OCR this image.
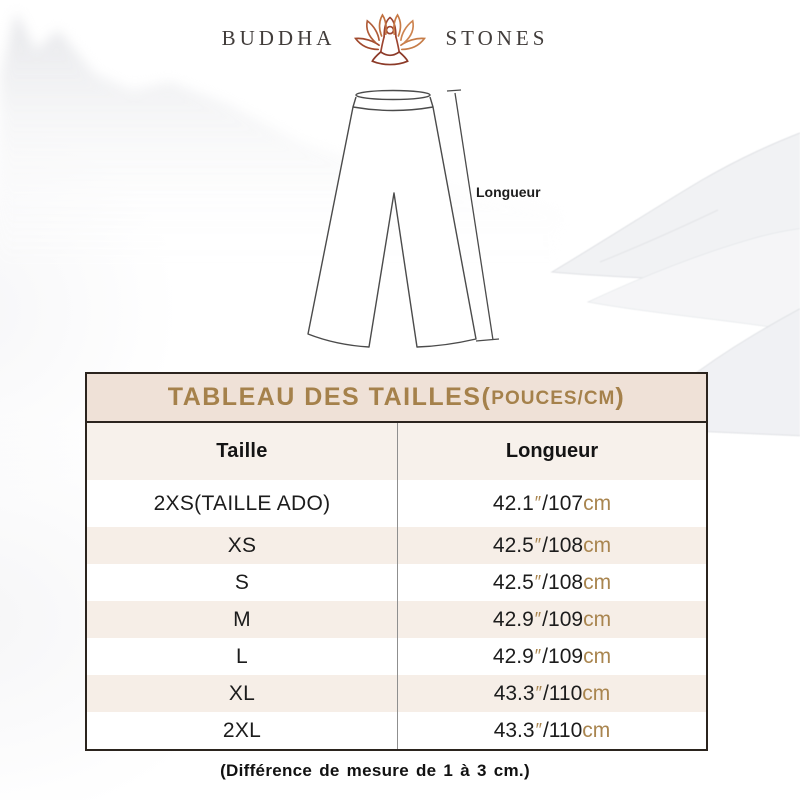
BUDDHA	STONES
Longueur
TABLEAU DES TAILLES( POUCES/CM )
Taille	Longueur
2XS(TAILLE ADO)	42.1 ″ / 107 cm
XS	42.5 ″ / 108 cm
S	42.5 ″ / 108 cm
M	42.9 ″ / 109 cm
L	42.9 ″ / 109 cm
XL	43.3 ″ / 110 cm
2XL	43.3 ″ / 110 cm

(Différence de mesure de 1 à 3 cm.)
